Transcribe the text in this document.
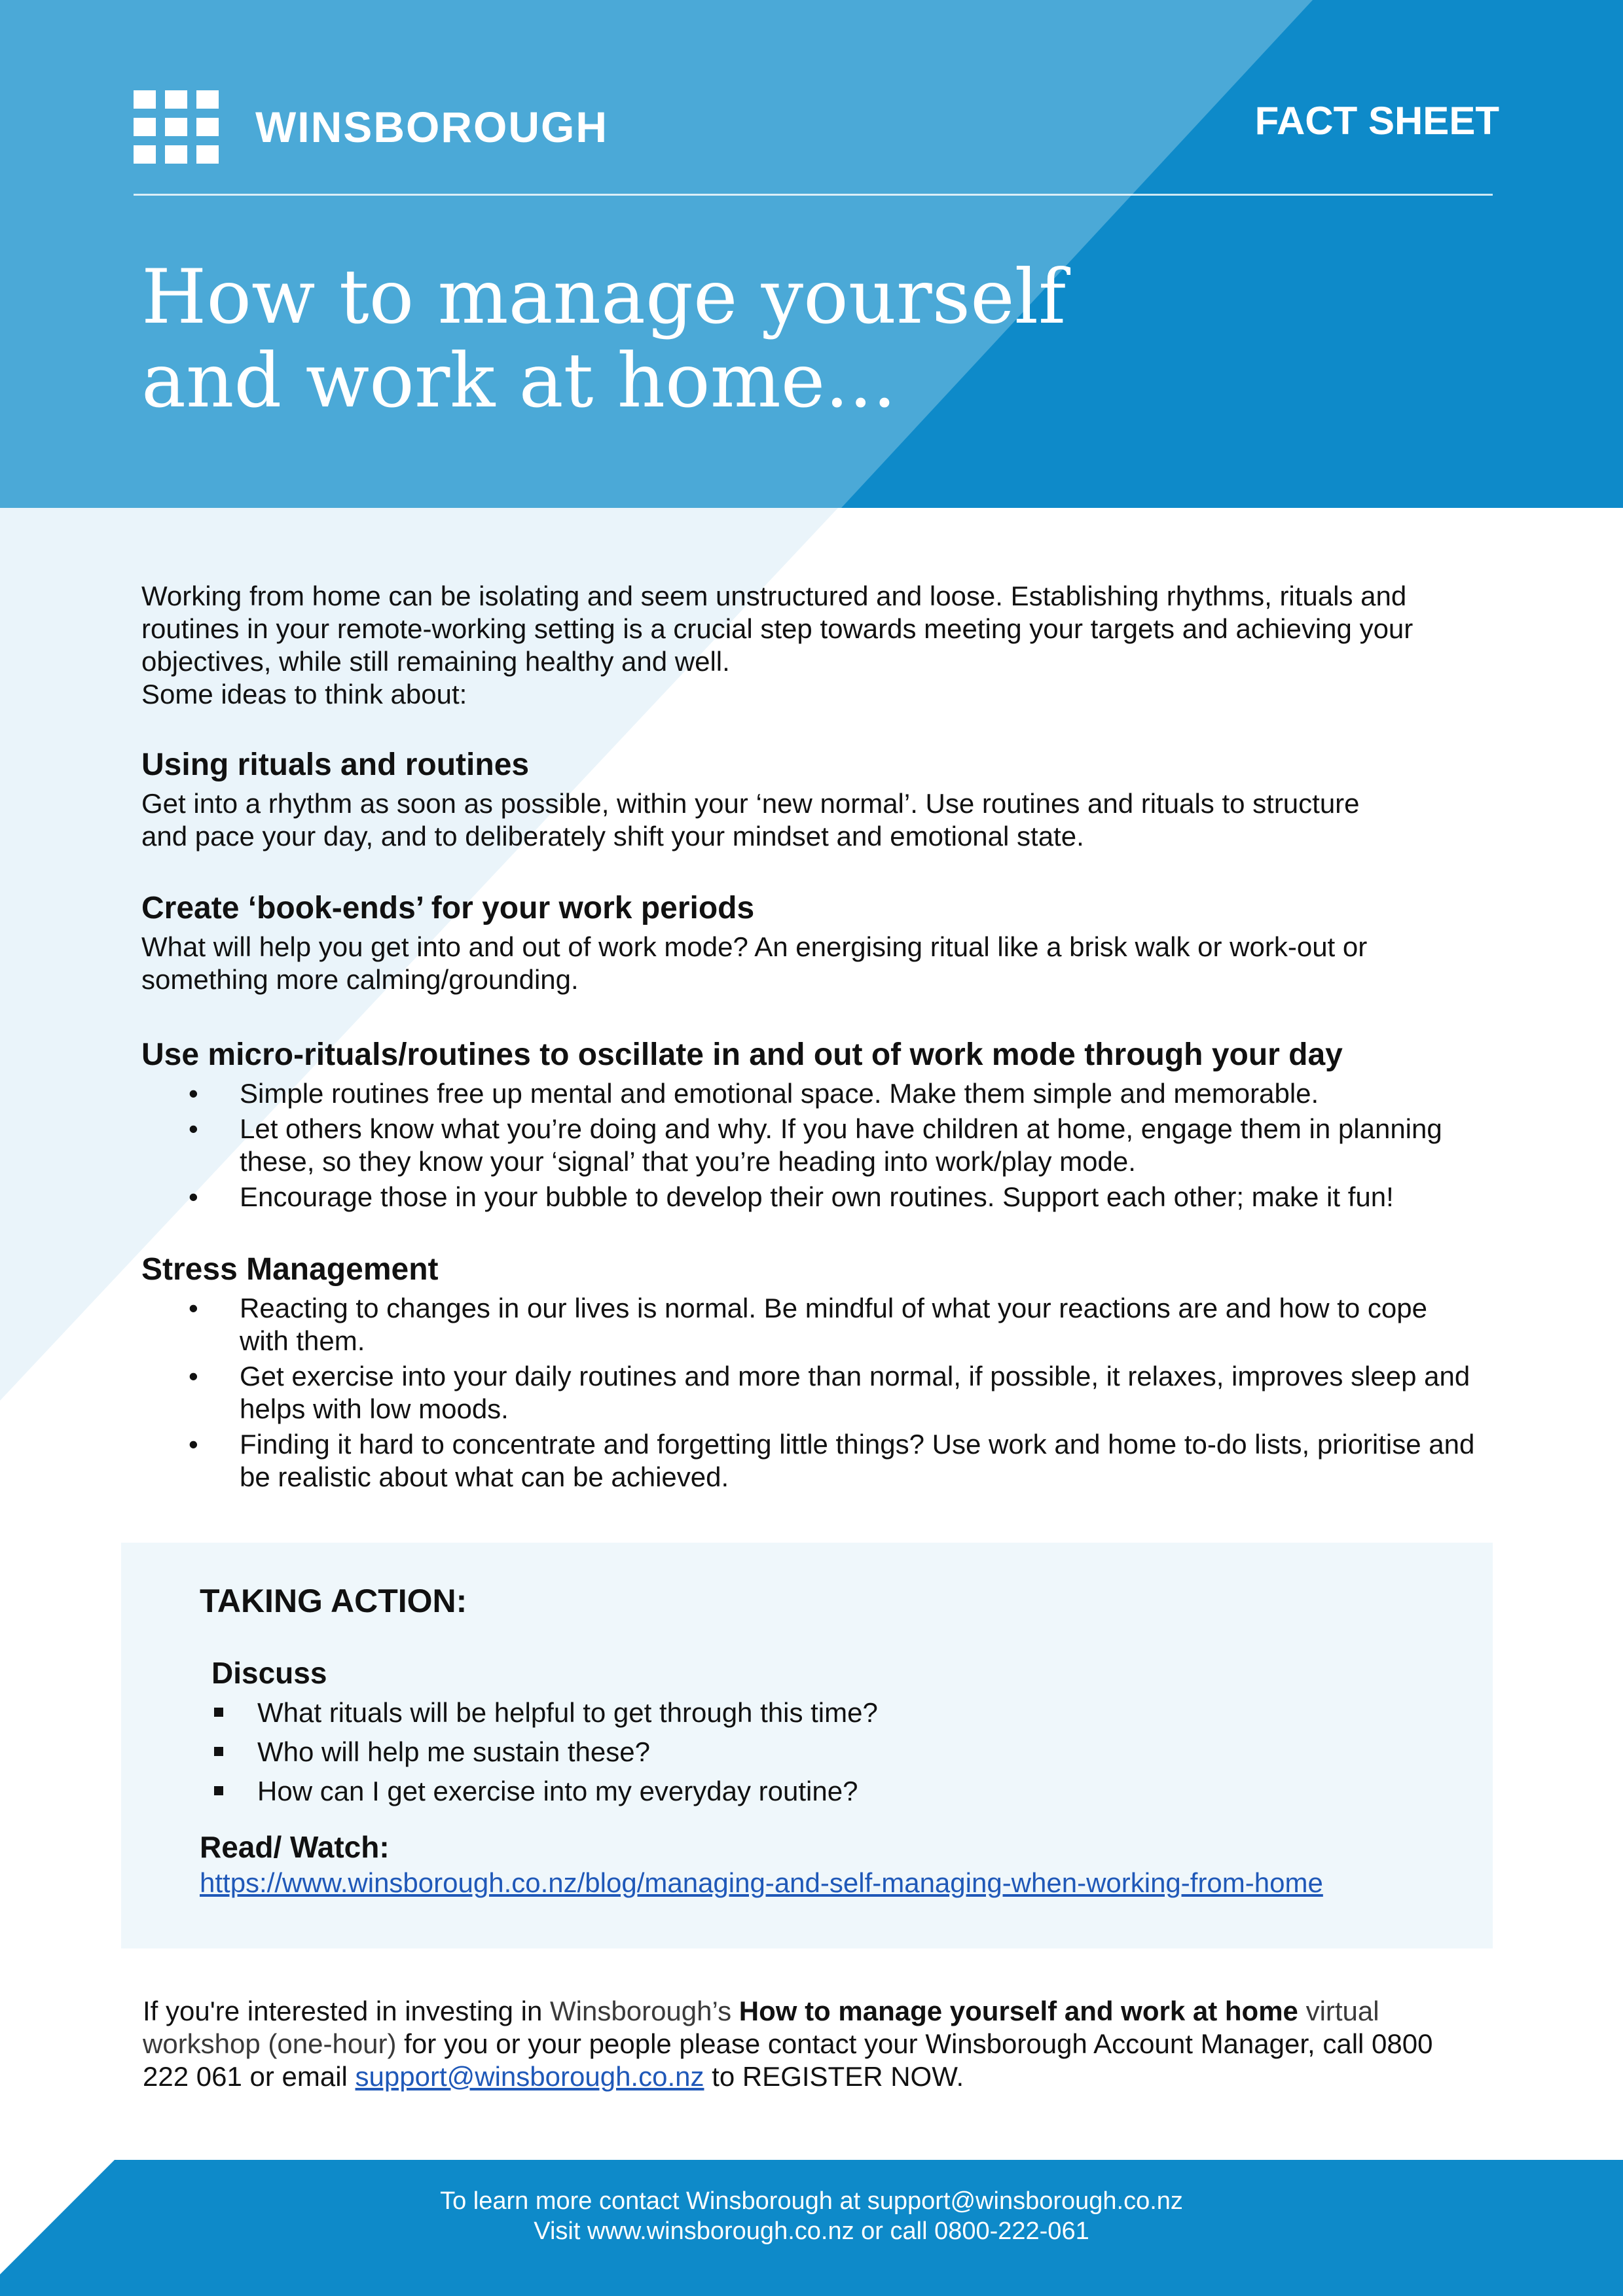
WINSBOROUGH	FACT SHEET
How to manage yourself
and work at home...

Working from home can be isolating and seem unstructured and loose. Establishing rhythms, rituals and
routines in your remote-working setting is a crucial step towards meeting your targets and achieving your
objectives, while still remaining healthy and well.
Some ideas to think about:

Using rituals and routines

Get into a rhythm as soon as possible, within your ‘new normal’. Use routines and rituals to structure
and pace your day, and to deliberately shift your mindset and emotional state.

Create ‘book-ends’ for your work periods

What will help you get into and out of work mode? An energising ritual like a brisk walk or work-out or
something more calming/grounding.

Use micro-rituals/routines to oscillate in and out of work mode through your day
• Simple routines free up mental and emotional space. Make them simple and memorable.
• Let others know what you’re doing and why. If you have children at home, engage them in planning these, so they know your ‘signal’ that you’re heading into work/play mode.
• Encourage those in your bubble to develop their own routines. Support each other; make it fun!
Stress Management
• Reacting to changes in our lives is normal. Be mindful of what your reactions are and how to cope with them.
• Get exercise into your daily routines and more than normal, if possible, it relaxes, improves sleep and helps with low moods.
• Finding it hard to concentrate and forgetting little things? Use work and home to-do lists, prioritise and be realistic about what can be achieved.
TAKING ACTION:
Discuss
What rituals will be helpful to get through this time?
Who will help me sustain these?
How can I get exercise into my everyday routine?
Read/ Watch:
https://www.winsborough.co.nz/blog/managing-and-self-managing-when-working-from-home
If you're interested in investing in Winsborough’s How to manage yourself and work at home virtual workshop (one-hour) for you or your people please contact your Winsborough Account Manager, call 0800 222 061 or email support@winsborough.co.nz to REGISTER NOW.
To learn more contact Winsborough at support@winsborough.co.nz
Visit www.winsborough.co.nz or call 0800-222-061
